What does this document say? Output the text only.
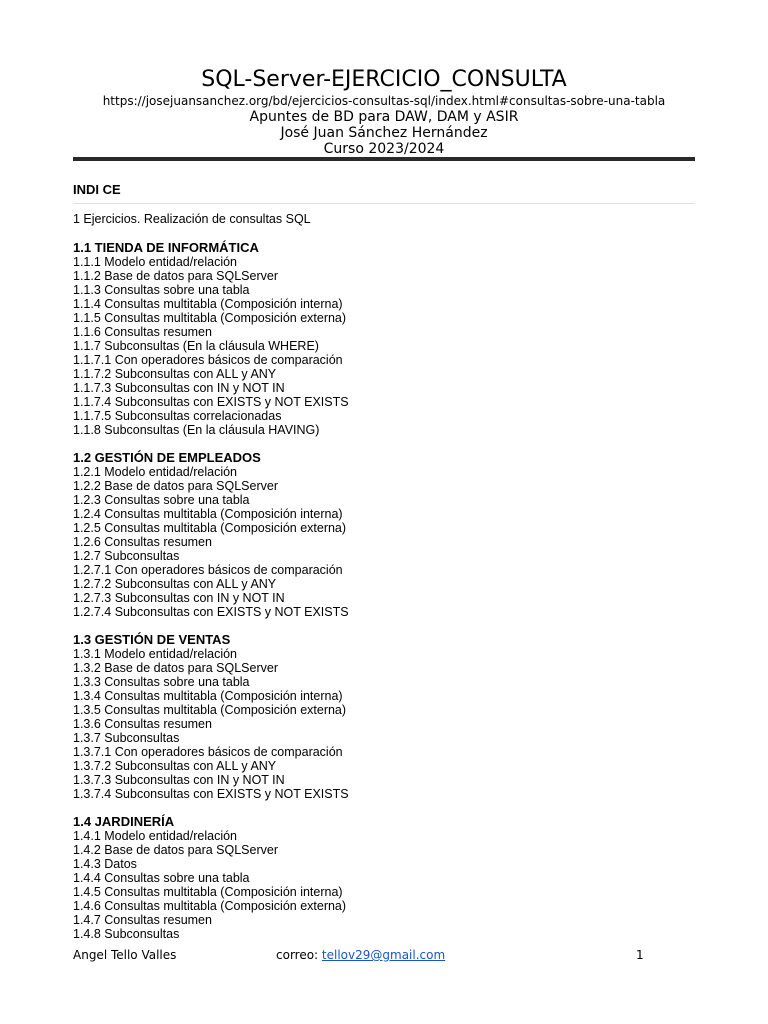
SQL-Server-EJERCICIO_CONSULTA
https://josejuansanchez.org/bd/ejercicios-consultas-sql/index.html#consultas-sobre-una-tabla
Apuntes de BD para DAW, DAM y ASIR
José Juan Sánchez Hernández
Curso 2023/2024
INDI CE
1 Ejercicios. Realización de consultas SQL
1.1 TIENDA DE INFORMÁTICA
1.1.1 Modelo entidad/relación
1.1.2 Base de datos para SQLServer
1.1.3 Consultas sobre una tabla
1.1.4 Consultas multitabla (Composición interna)
1.1.5 Consultas multitabla (Composición externa)
1.1.6 Consultas resumen
1.1.7 Subconsultas (En la cláusula WHERE)
1.1.7.1 Con operadores básicos de comparación
1.1.7.2 Subconsultas con ALL y ANY
1.1.7.3 Subconsultas con IN y NOT IN
1.1.7.4 Subconsultas con EXISTS y NOT EXISTS
1.1.7.5 Subconsultas correlacionadas
1.1.8 Subconsultas (En la cláusula HAVING)
1.2 GESTIÓN DE EMPLEADOS
1.2.1 Modelo entidad/relación
1.2.2 Base de datos para SQLServer
1.2.3 Consultas sobre una tabla
1.2.4 Consultas multitabla (Composición interna)
1.2.5 Consultas multitabla (Composición externa)
1.2.6 Consultas resumen
1.2.7 Subconsultas
1.2.7.1 Con operadores básicos de comparación
1.2.7.2 Subconsultas con ALL y ANY
1.2.7.3 Subconsultas con IN y NOT IN
1.2.7.4 Subconsultas con EXISTS y NOT EXISTS
1.3 GESTIÓN DE VENTAS
1.3.1 Modelo entidad/relación
1.3.2 Base de datos para SQLServer
1.3.3 Consultas sobre una tabla
1.3.4 Consultas multitabla (Composición interna)
1.3.5 Consultas multitabla (Composición externa)
1.3.6 Consultas resumen
1.3.7 Subconsultas
1.3.7.1 Con operadores básicos de comparación
1.3.7.2 Subconsultas con ALL y ANY
1.3.7.3 Subconsultas con IN y NOT IN
1.3.7.4 Subconsultas con EXISTS y NOT EXISTS
1.4 JARDINERÍA
1.4.1 Modelo entidad/relación
1.4.2 Base de datos para SQLServer
1.4.3 Datos
1.4.4 Consultas sobre una tabla
1.4.5 Consultas multitabla (Composición interna)
1.4.6 Consultas multitabla (Composición externa)
1.4.7 Consultas resumen
1.4.8 Subconsultas
Angel Tello Valles	correo: tellov29@gmail.com	1
